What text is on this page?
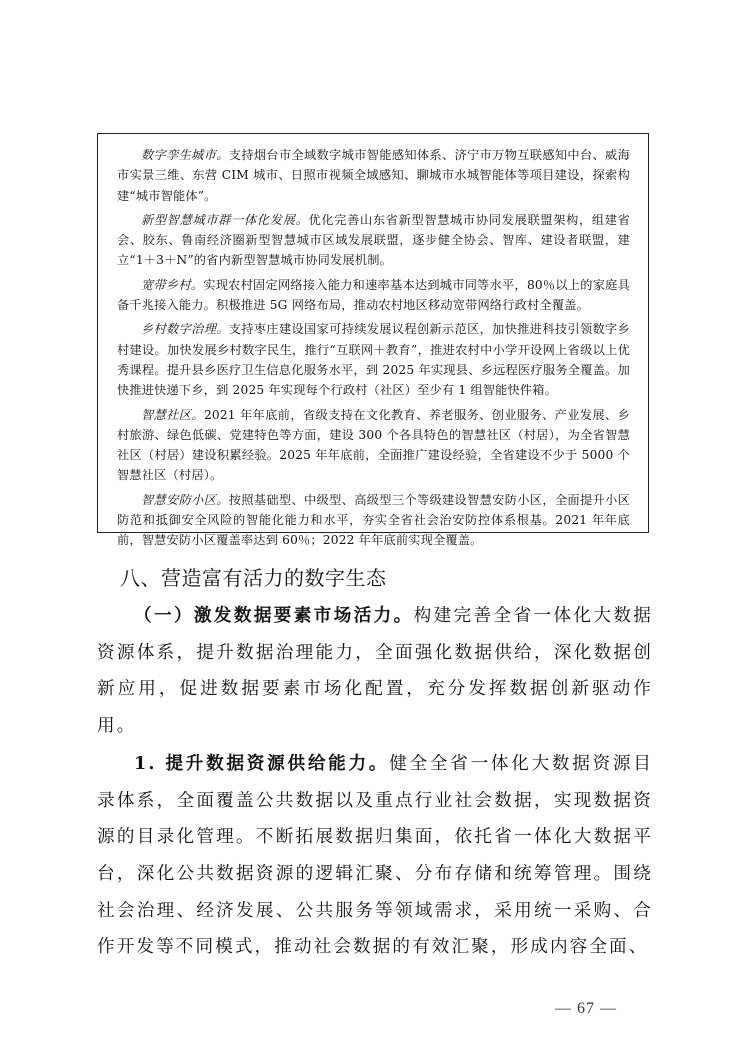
数字孪生城市。支持烟台市全域数字城市智能感知体系、济宁市万物互联感知中台、威海市实景三维、东营 CIM 城市、日照市视频全域感知、聊城市水城智能体等项目建设，探索构建“城市智能体”。

新型智慧城市群一体化发展。优化完善山东省新型智慧城市协同发展联盟架构，组建省会、胶东、鲁南经济圈新型智慧城市区域发展联盟，逐步健全协会、智库、建设者联盟，建立“1＋3＋N”的省内新型智慧城市协同发展机制。

宽带乡村。实现农村固定网络接入能力和速率基本达到城市同等水平，80％以上的家庭具备千兆接入能力。积极推进 5G 网络布局，推动农村地区移动宽带网络行政村全覆盖。

乡村数字治理。支持枣庄建设国家可持续发展议程创新示范区，加快推进科技引领数字乡村建设。加快发展乡村数字民生，推行“互联网＋教育”，推进农村中小学开设网上省级以上优秀课程。提升县乡医疗卫生信息化服务水平，到 2025 年实现县、乡远程医疗服务全覆盖。加快推进快递下乡，到 2025 年实现每个行政村（社区）至少有 1 组智能快件箱。

智慧社区。2021 年年底前，省级支持在文化教育、养老服务、创业服务、产业发展、乡村旅游、绿色低碳、党建特色等方面，建设 300 个各具特色的智慧社区（村居），为全省智慧社区（村居）建设积累经验。2025 年年底前，全面推广建设经验，全省建设不少于 5000 个智慧社区（村居）。

智慧安防小区。按照基础型、中级型、高级型三个等级建设智慧安防小区，全面提升小区防范和抵御安全风险的智能化能力和水平，夯实全省社会治安防控体系根基。2021 年年底前，智慧安防小区覆盖率达到 60％；2022 年年底前实现全覆盖。

八、营造富有活力的数字生态

（一）激发数据要素市场活力。构建完善全省一体化大数据资源体系，提升数据治理能力，全面强化数据供给，深化数据创新应用，促进数据要素市场化配置，充分发挥数据创新驱动作用。

1. 提升数据资源供给能力。健全全省一体化大数据资源目录体系，全面覆盖公共数据以及重点行业社会数据，实现数据资源的目录化管理。不断拓展数据归集面，依托省一体化大数据平台，深化公共数据资源的逻辑汇聚、分布存储和统筹管理。围绕社会治理、经济发展、公共服务等领域需求，采用统一采购、合作开发等不同模式，推动社会数据的有效汇聚，形成内容全面、

— 67 —
